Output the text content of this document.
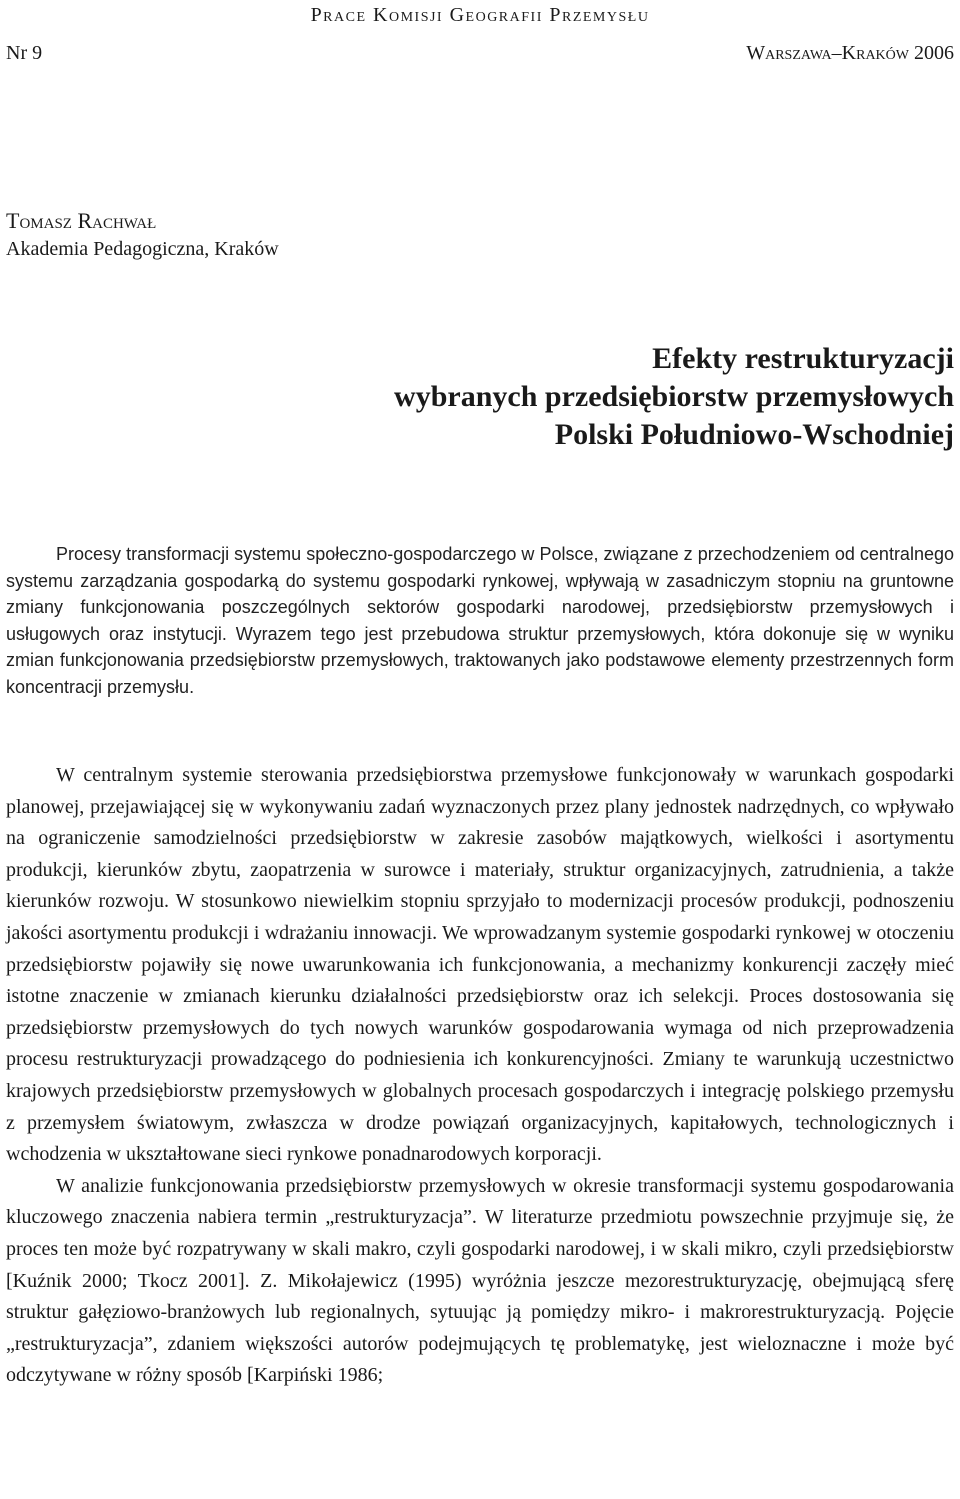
Prace Komisji Geografii Przemysłu

Nr 9	Warszawa–Kraków 2006

Tomasz Rachwał

Akademia Pedagogiczna, Kraków

Efekty restrukturyzacji
wybranych przedsiębiorstw przemysłowych
Polski Południowo-Wschodniej

Procesy transformacji systemu społeczno-gospodarczego w Polsce, związane z przechodzeniem od centralnego systemu zarządzania gospodarką do systemu gospodarki rynkowej, wpływają w zasadniczym stopniu na gruntowne zmiany funkcjonowania poszczególnych sektorów gospodarki narodowej, przedsiębiorstw przemysłowych i usługowych oraz instytucji. Wyrazem tego jest przebudowa struktur przemysłowych, która dokonuje się w wyniku zmian funkcjonowania przedsiębiorstw przemysłowych, traktowanych jako podstawowe elementy przestrzennych form koncentracji przemysłu.

W centralnym systemie sterowania przedsiębiorstwa przemysłowe funkcjonowały w warunkach gospodarki planowej, przejawiającej się w wykonywaniu zadań wyznaczonych przez plany jednostek nadrzędnych, co wpływało na ograniczenie samodzielności przedsiębiorstw w zakresie zasobów majątkowych, wielkości i asortymentu produkcji, kierunków zbytu, zaopatrzenia w surowce i materiały, struktur organizacyjnych, zatrudnienia, a także kierunków rozwoju. W stosunkowo niewielkim stopniu sprzyjało to modernizacji procesów produkcji, podnoszeniu jakości asortymentu produkcji i wdrażaniu innowacji. We wprowadzanym systemie gospodarki rynkowej w otoczeniu przedsiębiorstw pojawiły się nowe uwarunkowania ich funkcjonowania, a mechanizmy konkurencji zaczęły mieć istotne znaczenie w zmianach kierunku działalności przedsiębiorstw oraz ich selekcji. Proces dostosowania się przedsiębiorstw przemysłowych do tych nowych warunków gospodarowania wymaga od nich przeprowadzenia procesu restrukturyzacji prowadzącego do podniesienia ich konkurencyjności. Zmiany te warunkują uczestnictwo krajowych przedsiębiorstw przemysłowych w globalnych procesach gospodarczych i integrację polskiego przemysłu z przemysłem światowym, zwłaszcza w drodze powiązań organizacyjnych, kapitałowych, technologicznych i wchodzenia w ukształtowane sieci rynkowe ponadnarodowych korporacji.

W analizie funkcjonowania przedsiębiorstw przemysłowych w okresie transformacji systemu gospodarowania kluczowego znaczenia nabiera termin „restrukturyzacja”. W literaturze przedmiotu powszechnie przyjmuje się, że proces ten może być rozpatrywany w skali makro, czyli gospodarki narodowej, i w skali mikro, czyli przedsiębiorstw [Kuźnik 2000; Tkocz 2001]. Z. Mikołajewicz (1995) wyróżnia jeszcze mezorestrukturyzację, obejmującą sferę struktur gałęziowo-branżowych lub regionalnych, sytuując ją pomiędzy mikro- i makrorestrukturyzacją. Pojęcie „restrukturyzacja”, zdaniem większości autorów podejmujących tę problematykę, jest wieloznaczne i może być odczytywane w różny sposób [Karpiński 1986;
